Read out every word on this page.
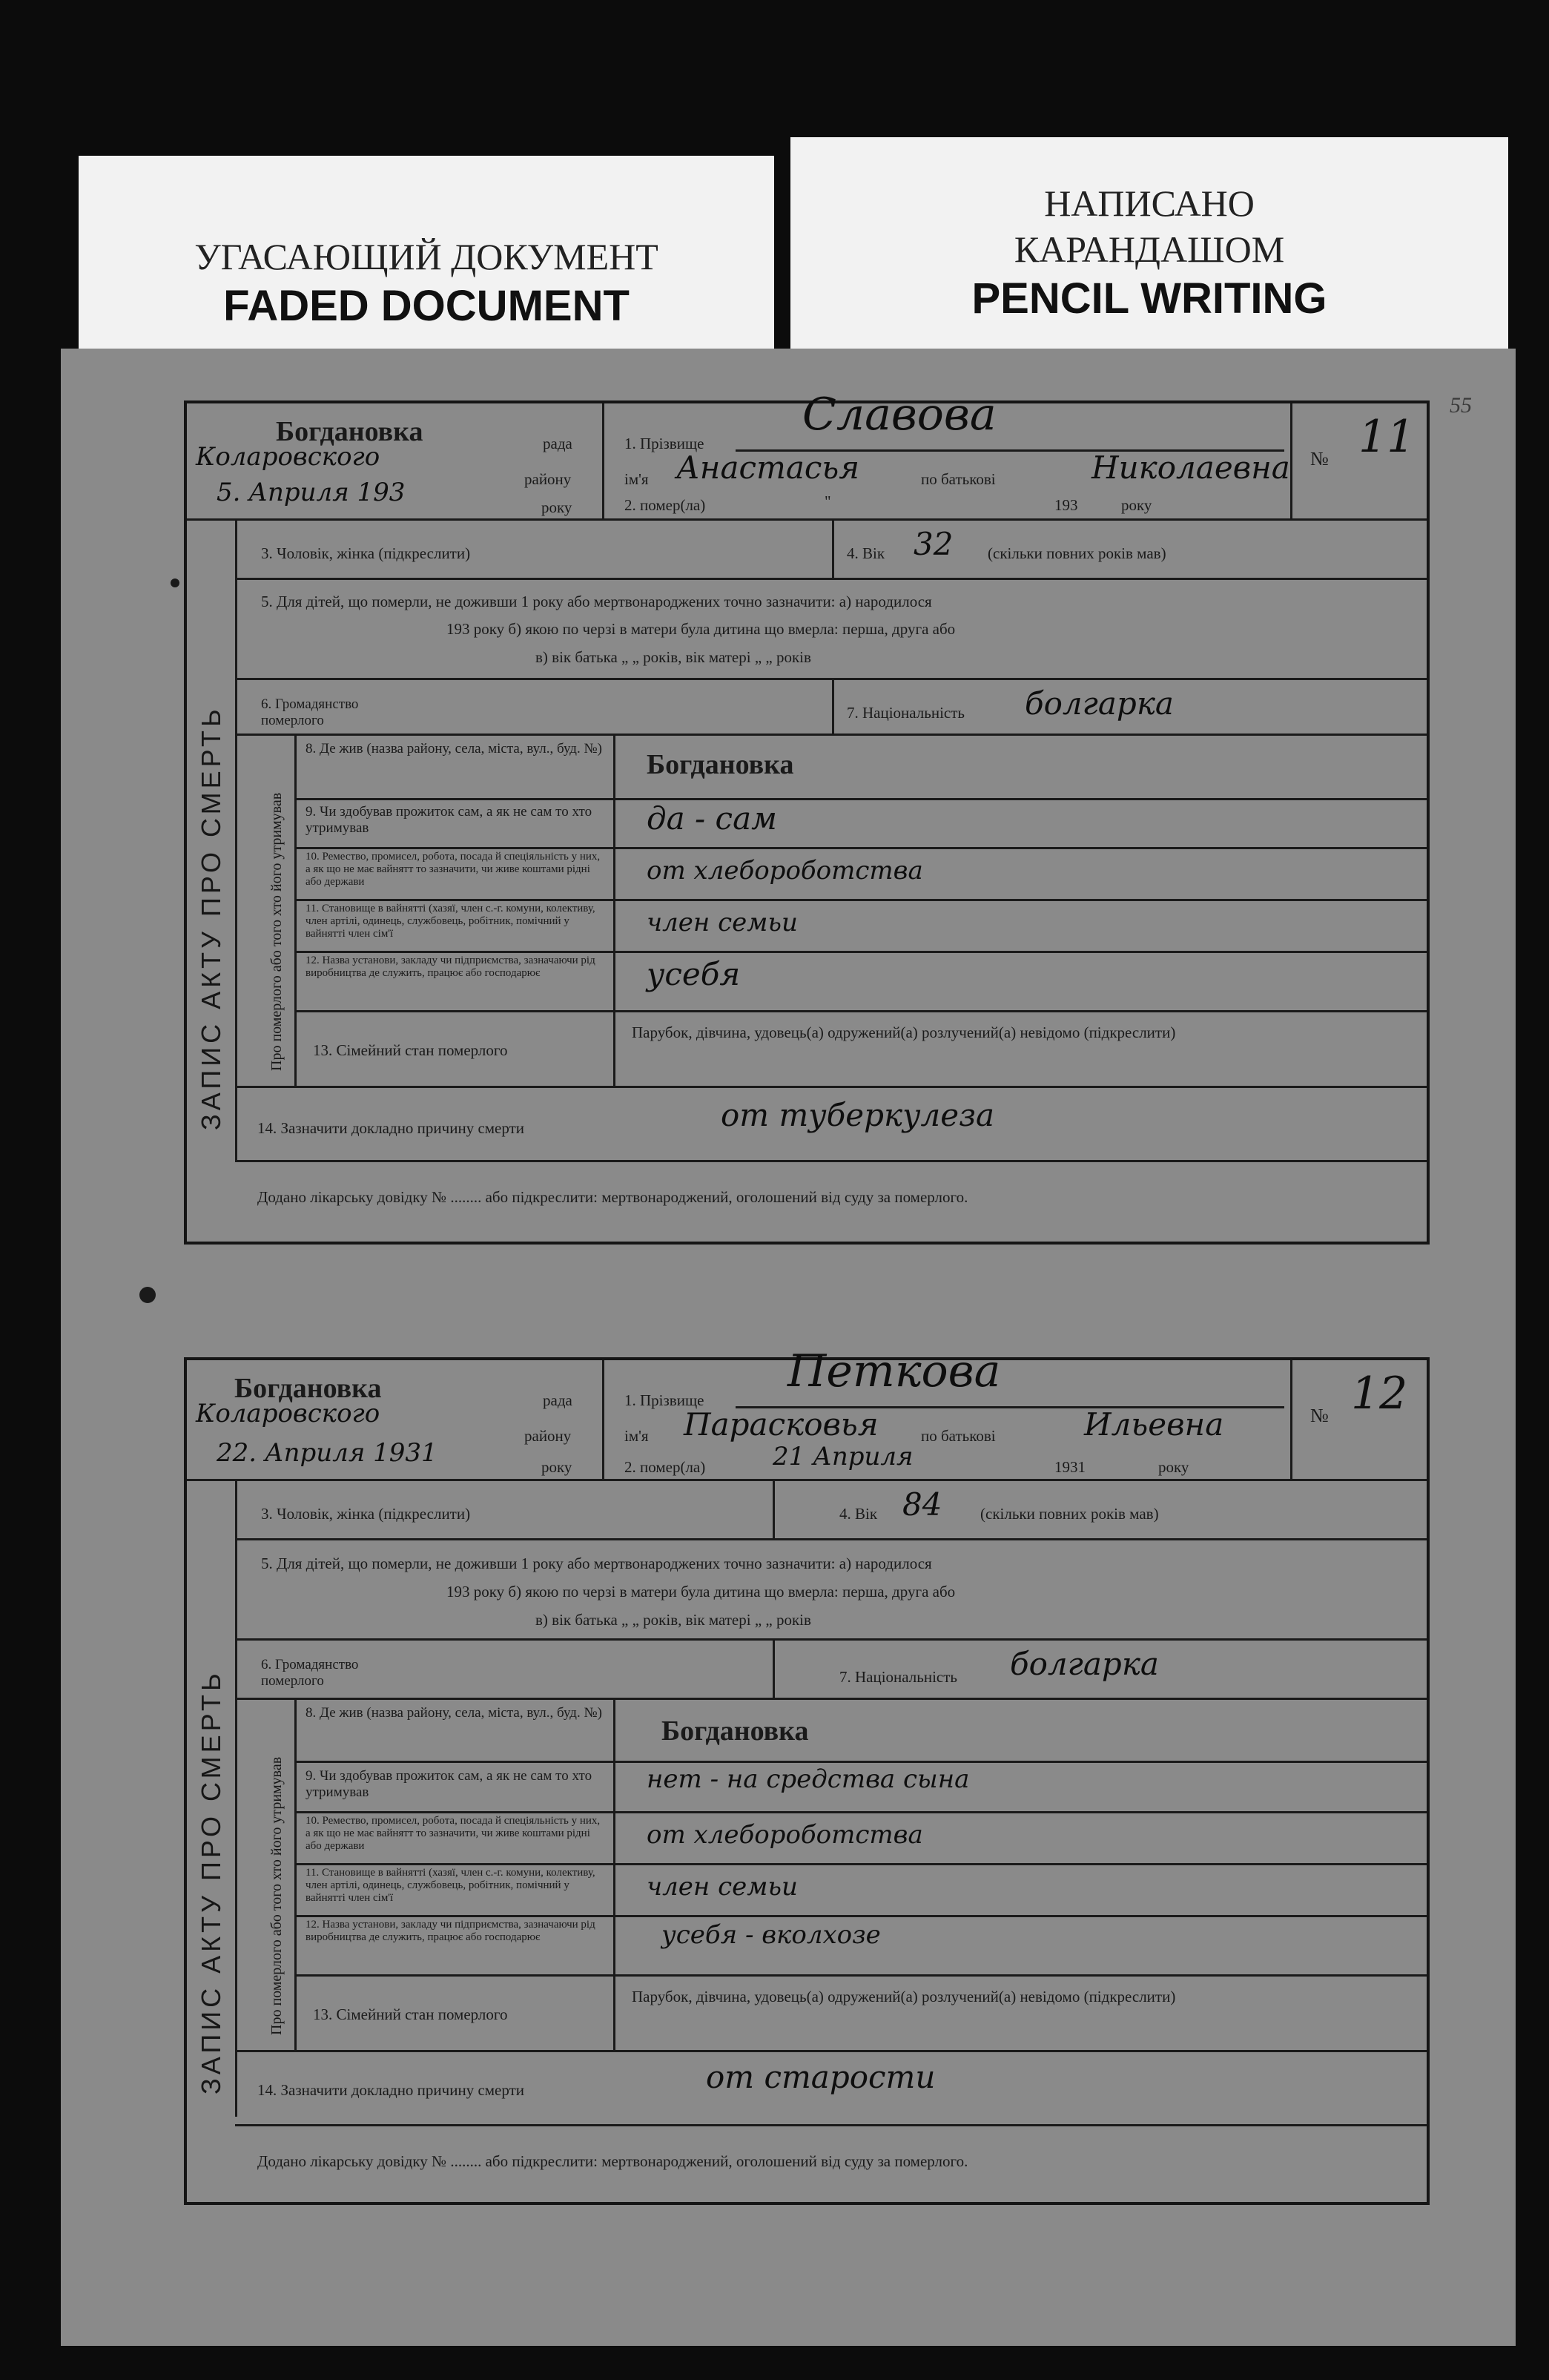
УГАСАЮЩИЙ ДОКУМЕНТ
FADED DOCUMENT
НАПИСАНО
КАРАНДАШОМ
PENCIL WRITING
55
Богдановка	рада
Коларовского
району
5. Априля 193	року
1. Прізвище
Славова
ім'я Анастасья	по батькові	Николаевна
2. помер(ла)	"	193	року
№ 11
ЗАПИС АКТУ ПРО СМЕРТЬ
3. Чоловік, жінка (підкреслити)	4. Вік 32 (скільки повних років мав)
5. Для дітей, що померли, не доживши 1 року або мертвонароджених точно зазначити: а) народилося
193 року б) якою по черзі в матери була дитина що вмерла: перша, друга або
в) вік батька „ „ років, вік матері „ „ років
6. Громадянство померлого	7. Національність болгарка
Про померлого або того хто його утримував
8. Де жив (назва району, села, міста, вул., буд. №)
Богдановка
9. Чи здобував прожиток сам, а як не сам то хто утримував	да - сам
10. Ремество, промисел, робота, посада й спеціяльність у них, а як що не має вайнятт то зазначити, чи живе коштами рідні або держави	от хлебороботства
11. Становище в вайнятті (хазяї, член с.-г. комуни, колективу, член артілі, одинець, службовець, робітник, помічний у вайнятті член сім'ї	член семьи
12. Назва установи, закладу чи підприємства, зазначаючи рід виробництва де служить, працює або господарює	усебя
13. Сімейний стан померлого
Парубок, дівчина, удовець(а) одружений(а) розлучений(а) невідомо (підкреслити)
14. Зазначити докладно причину смерти	от туберкулеза
Додано лікарську довідку № ........ або підкреслити: мертвонароджений, оголошений від суду за померлого.
Богдановка	рада
Коларовского
району
22. Априля 1931	року
1. Прізвище
Петкова
ім'я Парасковья	по батькові	Ильевна
2. помер(ла)	21 Априля	1931	року
№ 12
ЗАПИС АКТУ ПРО СМЕРТЬ
3. Чоловік, жінка (підкреслити)	4. Вік 84 (скільки повних років мав)
5. Для дітей, що померли, не доживши 1 року або мертвонароджених точно зазначити: а) народилося
193 року б) якою по черзі в матери була дитина що вмерла: перша, друга або
в) вік батька „ „ років, вік матері „ „ років
6. Громадянство померлого	7. Національність болгарка
Про померлого або того хто його утримував
8. Де жив (назва району, села, міста, вул., буд. №)
Богдановка
9. Чи здобував прожиток сам, а як не сам то хто утримував	нет - на средства сына
10. Ремество, промисел, робота, посада й спеціяльність у них, а як що не має вайнятт то зазначити, чи живе коштами рідні або держави	от хлебороботства
11. Становище в вайнятті (хазяї, член с.-г. комуни, колективу, член артілі, одинець, службовець, робітник, помічний у вайнятті член сім'ї	член семьи
12. Назва установи, закладу чи підприємства, зазначаючи рід виробництва де служить, працює або господарює	усебя - вколхозе
13. Сімейний стан померлого
Парубок, дівчина, удовець(а) одружений(а) розлучений(а) невідомо (підкреслити)
14. Зазначити докладно причину смерти	от старости
Додано лікарську довідку № ........ або підкреслити: мертвонароджений, оголошений від суду за померлого.
